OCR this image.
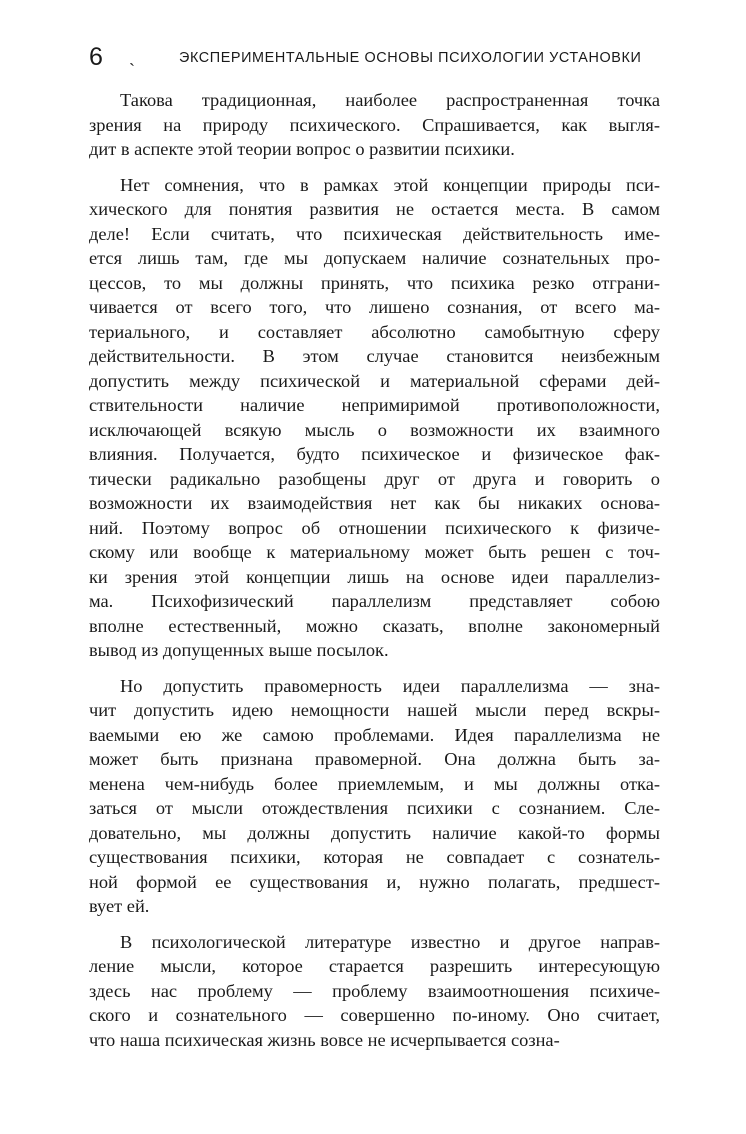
6 ˏ	ЭКСПЕРИМЕНТАЛЬНЫЕ ОСНОВЫ ПСИХОЛОГИИ УСТАНОВКИ
Такова традиционная, наиболее распространенная точка
зрения на природу психического. Спрашивается, как выгля-
дит в аспекте этой теории вопрос о развитии психики.
Нет сомнения, что в рамках этой концепции природы пси-
хического для понятия развития не остается места. В самом
деле! Если считать, что психическая действительность име-
ется лишь там, где мы допускаем наличие сознательных про-
цессов, то мы должны принять, что психика резко отграни-
чивается от всего того, что лишено сознания, от всего ма-
териального, и составляет абсолютно самобытную сферу
действительности. В этом случае становится неизбежным
допустить между психической и материальной сферами дей-
ствительности наличие непримиримой противоположности,
исключающей всякую мысль о возможности их взаимного
влияния. Получается, будто психическое и физическое фак-
тически радикально разобщены друг от друга и говорить о
возможности их взаимодействия нет как бы никаких основа-
ний. Поэтому вопрос об отношении психического к физиче-
скому или вообще к материальному может быть решен с точ-
ки зрения этой концепции лишь на основе идеи параллелиз-
ма. Психофизический параллелизм представляет собою
вполне естественный, можно сказать, вполне закономерный
вывод из допущенных выше посылок.
Но допустить правомерность идеи параллелизма — зна-
чит допустить идею немощности нашей мысли перед вскры-
ваемыми ею же самою проблемами. Идея параллелизма не
может быть признана правомерной. Она должна быть за-
менена чем-нибудь более приемлемым, и мы должны отка-
заться от мысли отождествления психики с сознанием. Сле-
довательно, мы должны допустить наличие какой-то формы
существования психики, которая не совпадает с сознатель-
ной формой ее существования и, нужно полагать, предшест-
вует ей.
В психологической литературе известно и другое направ-
ление мысли, которое старается разрешить интересующую
здесь нас проблему — проблему взаимоотношения психиче-
ского и сознательного — совершенно по-иному. Оно считает,
что наша психическая жизнь вовсе не исчерпывается созна-
